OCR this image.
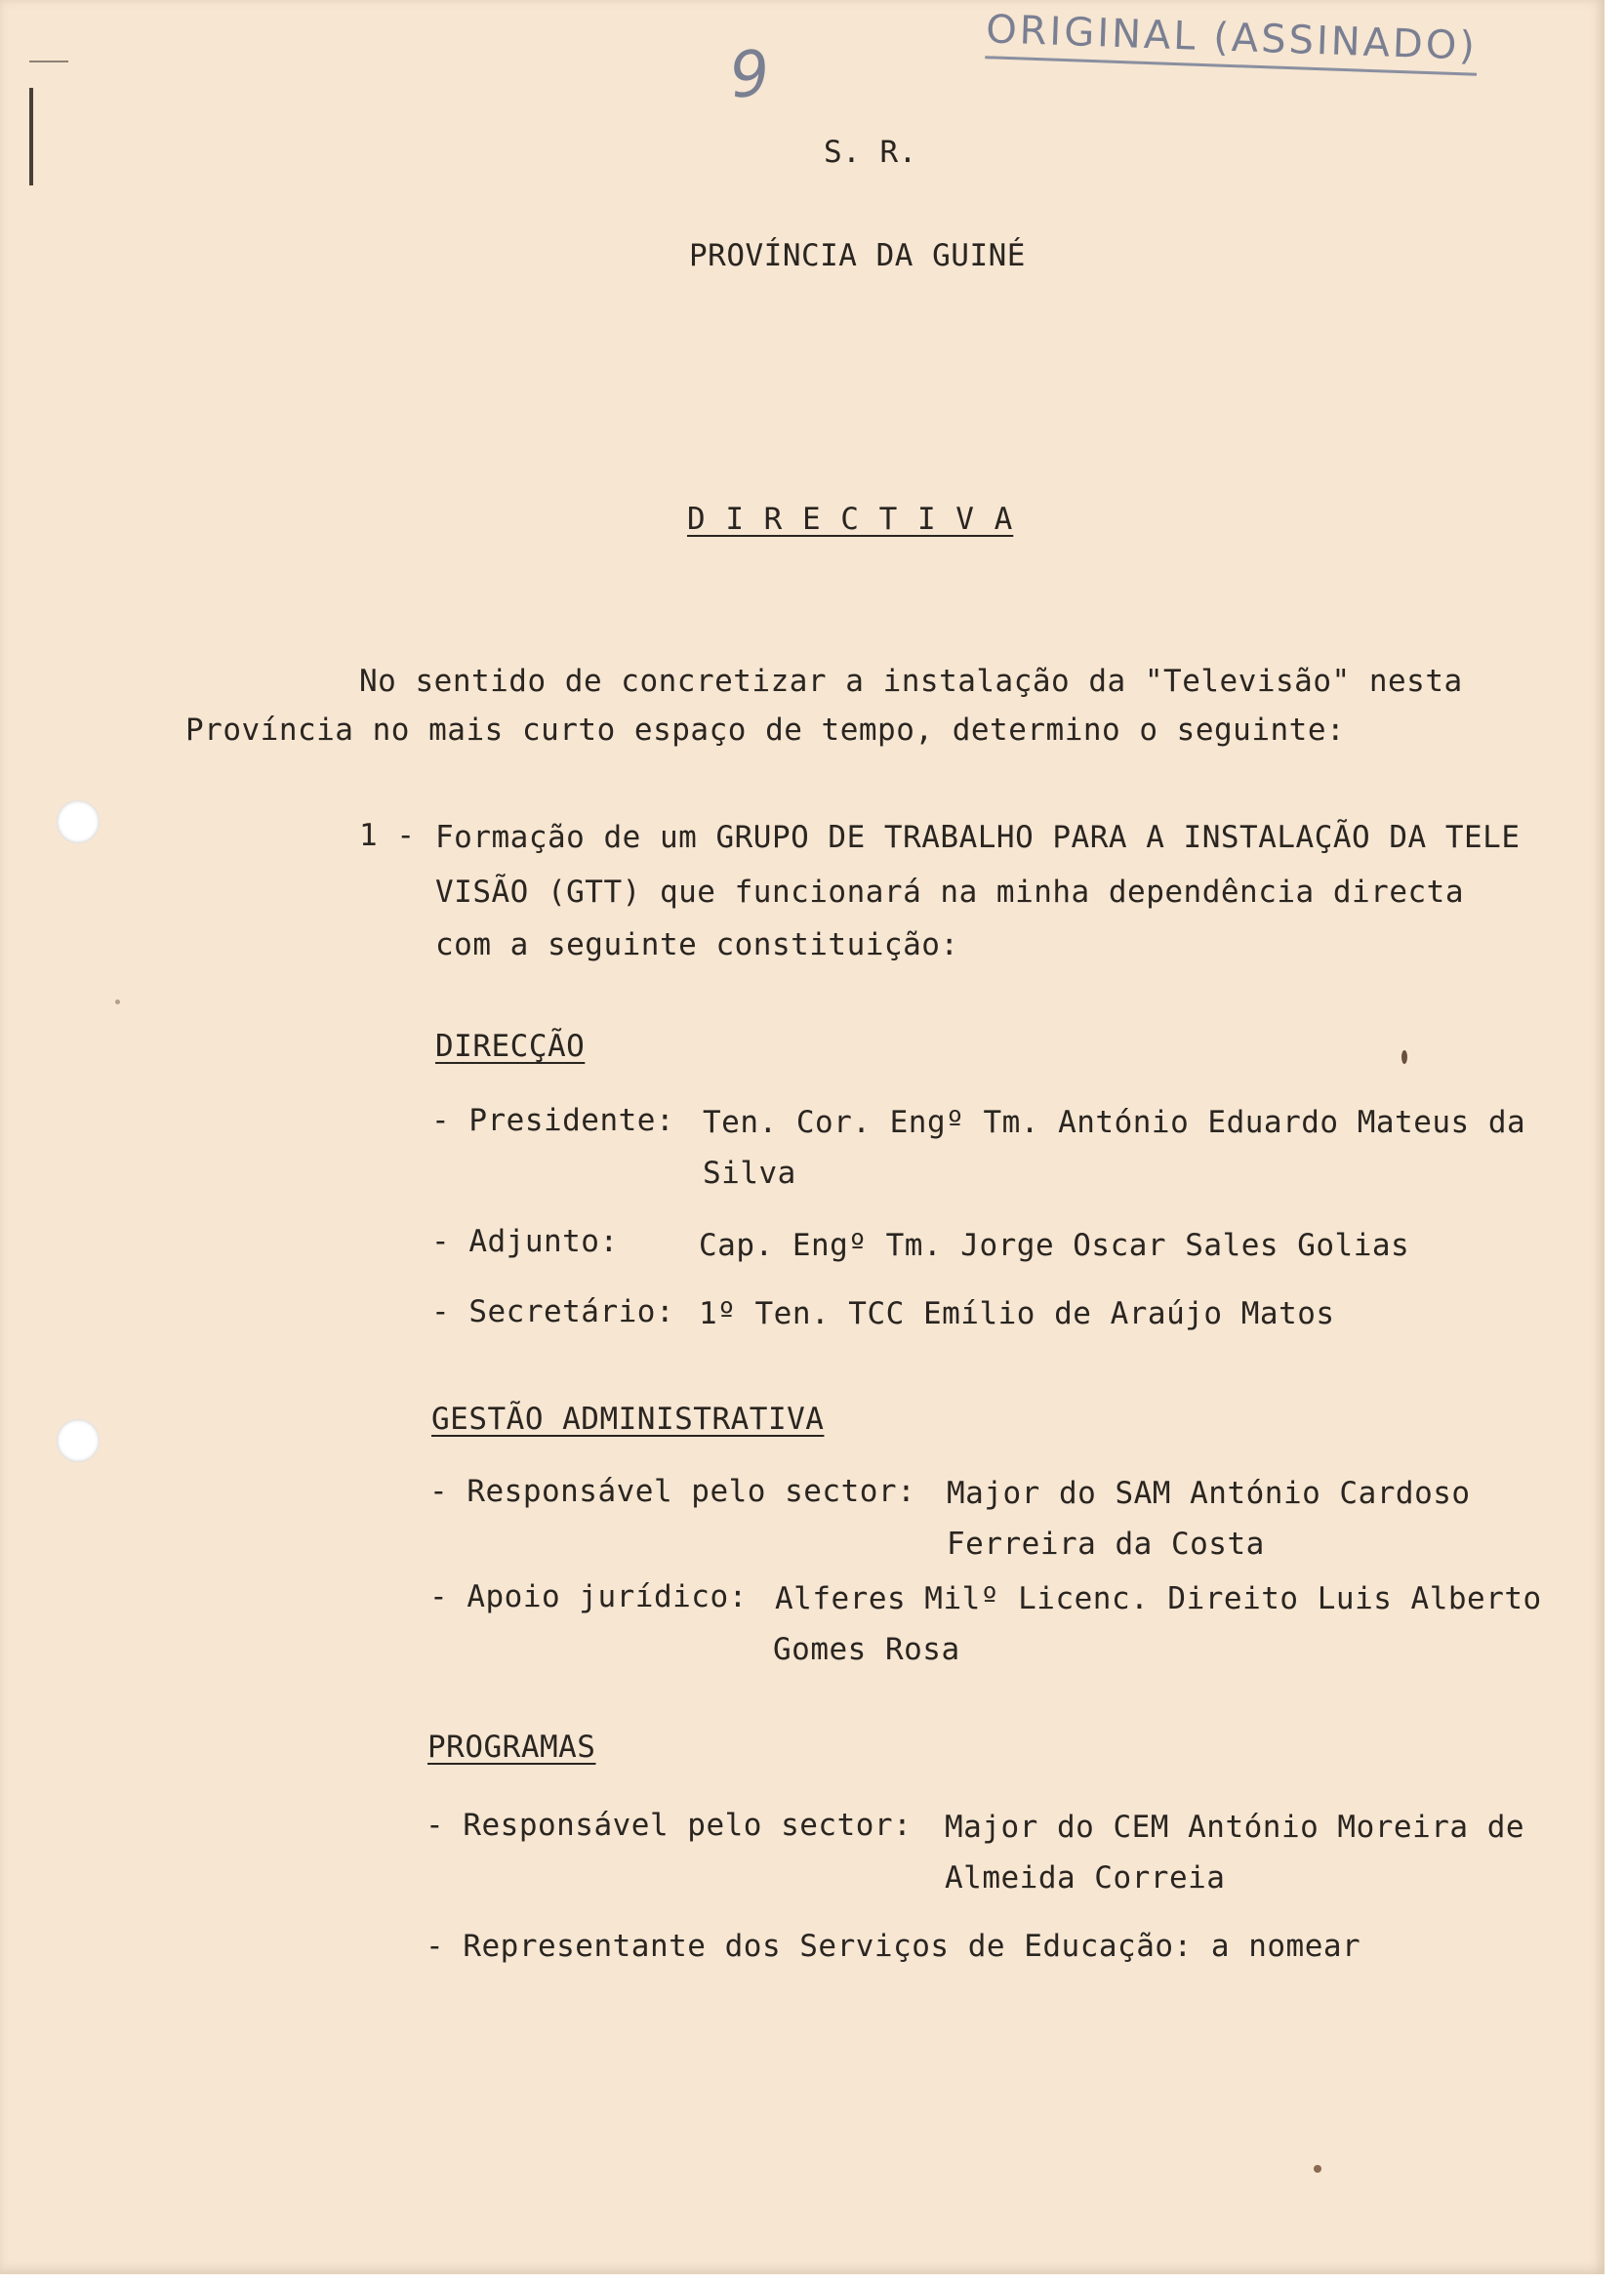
ORIGINAL (ASSINADO)
9
S. R.
PROVÍNCIA DA GUINÉ
D I R E C T I V A
No sentido de concretizar a instalação da "Televisão" nesta
Província no mais curto espaço de tempo, determino o seguinte:
1 - Formação de um GRUPO DE TRABALHO PARA A INSTALAÇÃO DA TELE
VISÃO (GTT) que funcionará na minha dependência directa
com a seguinte constituição:
DIRECÇÃO
- Presidente: Ten. Cor. Engº Tm. António Eduardo Mateus da
Silva
- Adjunto:	Cap. Engº Tm. Jorge Oscar Sales Golias
- Secretário: 1º Ten. TCC Emílio de Araújo Matos
GESTÃO ADMINISTRATIVA
- Responsável pelo sector: Major do SAM António Cardoso
Ferreira da Costa
- Apoio jurídico: Alferes Milº Licenc. Direito Luis Alberto
Gomes Rosa
PROGRAMAS
- Responsável pelo sector: Major do CEM António Moreira de
Almeida Correia
- Representante dos Serviços de Educação: a nomear
